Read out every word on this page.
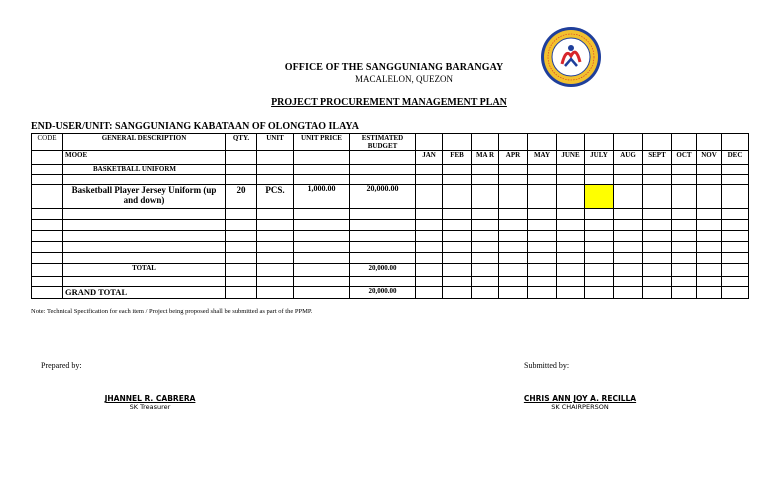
OFFICE OF THE SANGGUNIANG BARANGAY
MACALELON, QUEZON
PROJECT PROCUREMENT MANAGEMENT PLAN
END-USER/UNIT: SANGGUNIANG KABATAAN OF OLONGTAO ILAYA
CODE	GENERAL DESCRIPTION	QTY.	UNIT	UNIT PRICE	ESTIMATED BUDGET												
	MOOE					JAN	FEB	MA R	APR	MAY	JUNE	JULY	AUG	SEPT	OCT	NOV	DEC
	BASKETBALL UNIFORM																

	Basketball Player Jersey Uniform (up and down)	20	PCS.	1,000.00	20,000.00												

	TOTAL				20,000.00												

	GRAND TOTAL				20,000.00												
Note: Technical Specification for each item / Project being proposed shall be submitted as part of the PPMP.
Prepared by:	Submitted by:
JHANNEL R. CABRERA
SK Treasurer
CHRIS ANN JOY A. RECILLA
SK CHAIRPERSON
